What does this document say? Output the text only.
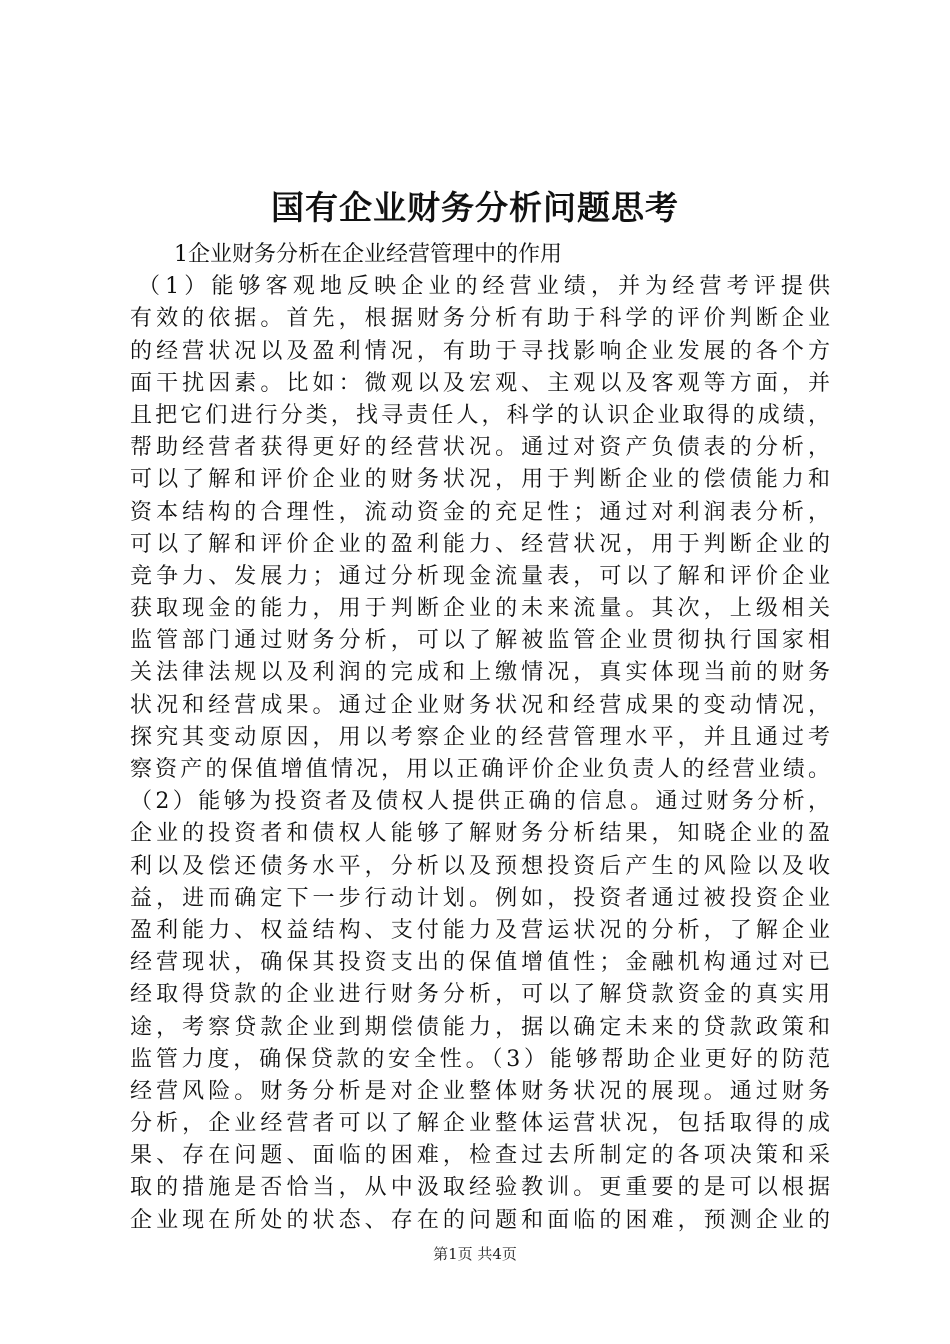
国有企业财务分析问题思考
1企业财务分析在企业经营管理中的作用
（1）能够客观地反映企业的经营业绩，并为经营考评提供
有效的依据。首先，根据财务分析有助于科学的评价判断企业
的经营状况以及盈利情况，有助于寻找影响企业发展的各个方
面干扰因素。比如：微观以及宏观、主观以及客观等方面，并
且把它们进行分类，找寻责任人，科学的认识企业取得的成绩，
帮助经营者获得更好的经营状况。通过对资产负债表的分析，
可以了解和评价企业的财务状况，用于判断企业的偿债能力和
资本结构的合理性，流动资金的充足性；通过对利润表分析，
可以了解和评价企业的盈利能力、经营状况，用于判断企业的
竞争力、发展力；通过分析现金流量表，可以了解和评价企业
获取现金的能力，用于判断企业的未来流量。其次，上级相关
监管部门通过财务分析，可以了解被监管企业贯彻执行国家相
关法律法规以及利润的完成和上缴情况，真实体现当前的财务
状况和经营成果。通过企业财务状况和经营成果的变动情况，
探究其变动原因，用以考察企业的经营管理水平，并且通过考
察资产的保值增值情况，用以正确评价企业负责人的经营业绩。
（2）能够为投资者及债权人提供正确的信息。通过财务分析，
企业的投资者和债权人能够了解财务分析结果，知晓企业的盈
利以及偿还债务水平，分析以及预想投资后产生的风险以及收
益，进而确定下一步行动计划。例如，投资者通过被投资企业
盈利能力、权益结构、支付能力及营运状况的分析，了解企业
经营现状，确保其投资支出的保值增值性；金融机构通过对已
经取得贷款的企业进行财务分析，可以了解贷款资金的真实用
途，考察贷款企业到期偿债能力，据以确定未来的贷款政策和
监管力度，确保贷款的安全性。（3）能够帮助企业更好的防范
经营风险。财务分析是对企业整体财务状况的展现。通过财务
分析，企业经营者可以了解企业整体运营状况，包括取得的成
果、存在问题、面临的困难，检查过去所制定的各项决策和采
取的措施是否恰当，从中汲取经验教训。更重要的是可以根据
企业现在所处的状态、存在的问题和面临的困难，预测企业的
第1页 共4页
